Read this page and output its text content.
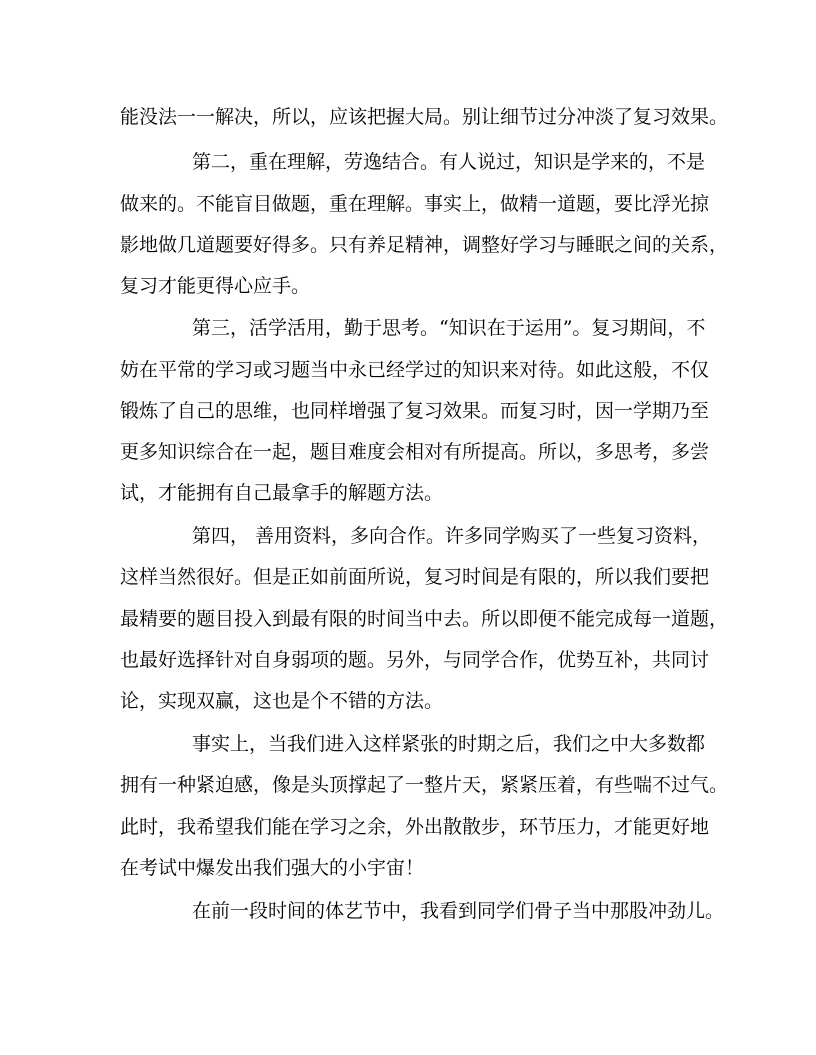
能没法一一解决，所以，应该把握大局。别让细节过分冲淡了复习效果。
第二，重在理解，劳逸结合。有人说过，知识是学来的，不是
做来的。不能盲目做题，重在理解。事实上，做精一道题，要比浮光掠
影地做几道题要好得多。只有养足精神，调整好学习与睡眠之间的关系，
复习才能更得心应手。
第三，活学活用，勤于思考。“知识在于运用”。复习期间，不
妨在平常的学习或习题当中永已经学过的知识来对待。如此这般，不仅
锻炼了自己的思维，也同样增强了复习效果。而复习时，因一学期乃至
更多知识综合在一起，题目难度会相对有所提高。所以，多思考，多尝
试，才能拥有自己最拿手的解题方法。
第四， 善用资料，多向合作。许多同学购买了一些复习资料，
这样当然很好。但是正如前面所说，复习时间是有限的，所以我们要把
最精要的题目投入到最有限的时间当中去。所以即便不能完成每一道题，
也最好选择针对自身弱项的题。另外，与同学合作，优势互补，共同讨
论，实现双赢，这也是个不错的方法。
事实上，当我们进入这样紧张的时期之后，我们之中大多数都
拥有一种紧迫感，像是头顶撑起了一整片天，紧紧压着，有些喘不过气。
此时，我希望我们能在学习之余，外出散散步，环节压力，才能更好地
在考试中爆发出我们强大的小宇宙！
在前一段时间的体艺节中，我看到同学们骨子当中那股冲劲儿。
